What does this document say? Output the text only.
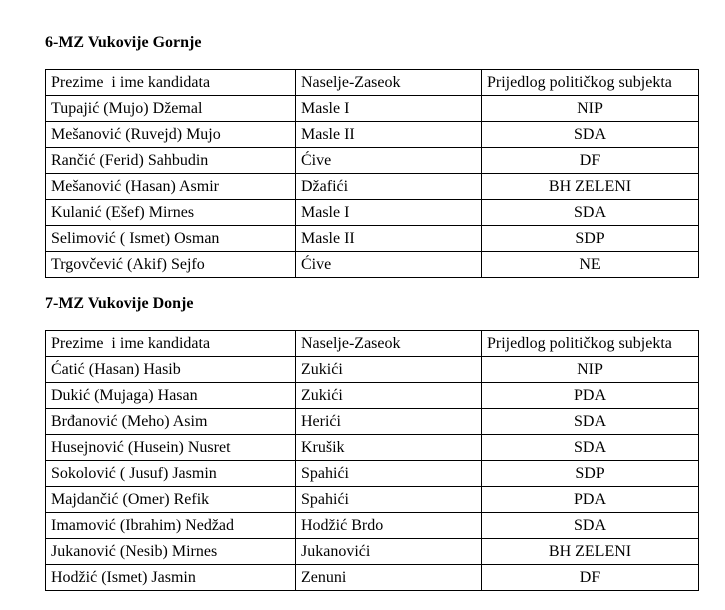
6-MZ Vukovije Gornje
Prezime  i ime kandidata	Naselje-Zaseok	Prijedlog političkog subjekta
Tupajić (Mujo) Džemal	Masle I	NIP
Mešanović (Ruvejd) Mujo	Masle II	SDA
Rančić (Ferid) Sahbudin	Ćive	DF
Mešanović (Hasan) Asmir	Džafići	BH ZELENI
Kulanić (Ešef) Mirnes	Masle I	SDA
Selimović ( Ismet) Osman	Masle II	SDP
Trgovčević (Akif) Sejfo	Ćive	NE
7-MZ Vukovije Donje
Prezime  i ime kandidata	Naselje-Zaseok	Prijedlog političkog subjekta
Ćatić (Hasan) Hasib	Zukići	NIP
Dukić (Mujaga) Hasan	Zukići	PDA
Brđanović (Meho) Asim	Herići	SDA
Husejnović (Husein) Nusret	Krušik	SDA
Sokolović ( Jusuf) Jasmin	Spahići	SDP
Majdančić (Omer) Refik	Spahići	PDA
Imamović (Ibrahim) Nedžad	Hodžić Brdo	SDA
Jukanović (Nesib) Mirnes	Jukanovići	BH ZELENI
Hodžić (Ismet) Jasmin	Zenuni	DF
